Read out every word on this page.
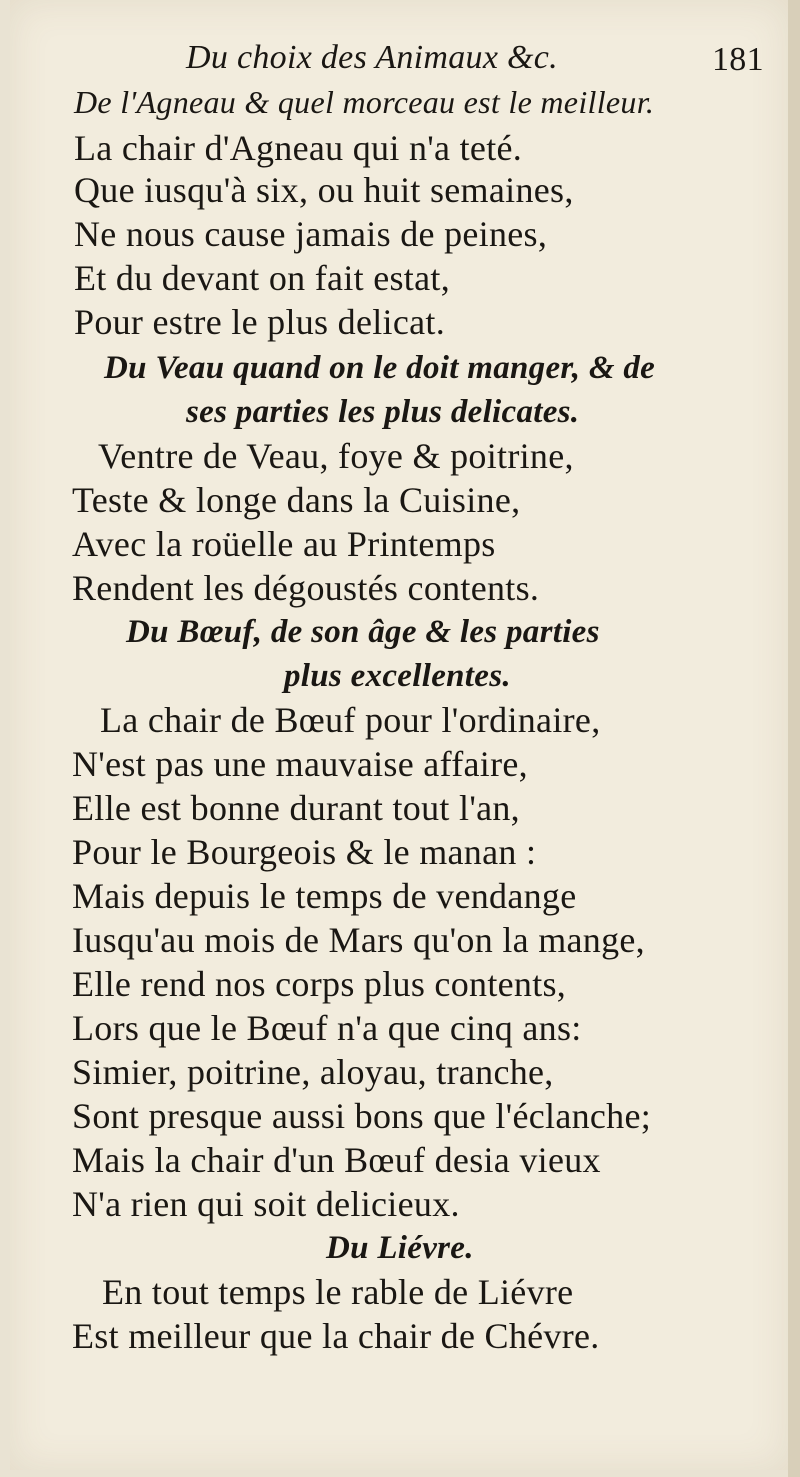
Du choix des Animaux &c.	181
De l'Agneau & quel morceau est le meilleur.
La chair d'Agneau qui n'a teté.
Que iusqu'à six, ou huit semaines,
Ne nous cause jamais de peines,
Et du devant on fait estat,
Pour estre le plus delicat.
Du Veau quand on le doit manger, & de
ses parties les plus delicates.
Ventre de Veau, foye & poitrine,
Teste & longe dans la Cuisine,
Avec la roüelle au Printemps
Rendent les dégoustés contents.
Du Bœuf, de son âge & les parties
plus excellentes.
La chair de Bœuf pour l'ordinaire,
N'est pas une mauvaise affaire,
Elle est bonne durant tout l'an,
Pour le Bourgeois & le manan :
Mais depuis le temps de vendange
Iusqu'au mois de Mars qu'on la mange,
Elle rend nos corps plus contents,
Lors que le Bœuf n'a que cinq ans:
Simier, poitrine, aloyau, tranche,
Sont presque aussi bons que l'éclanche;
Mais la chair d'un Bœuf desia vieux
N'a rien qui soit delicieux.
Du Liévre.
En tout temps le rable de Liévre
Est meilleur que la chair de Chévre.
